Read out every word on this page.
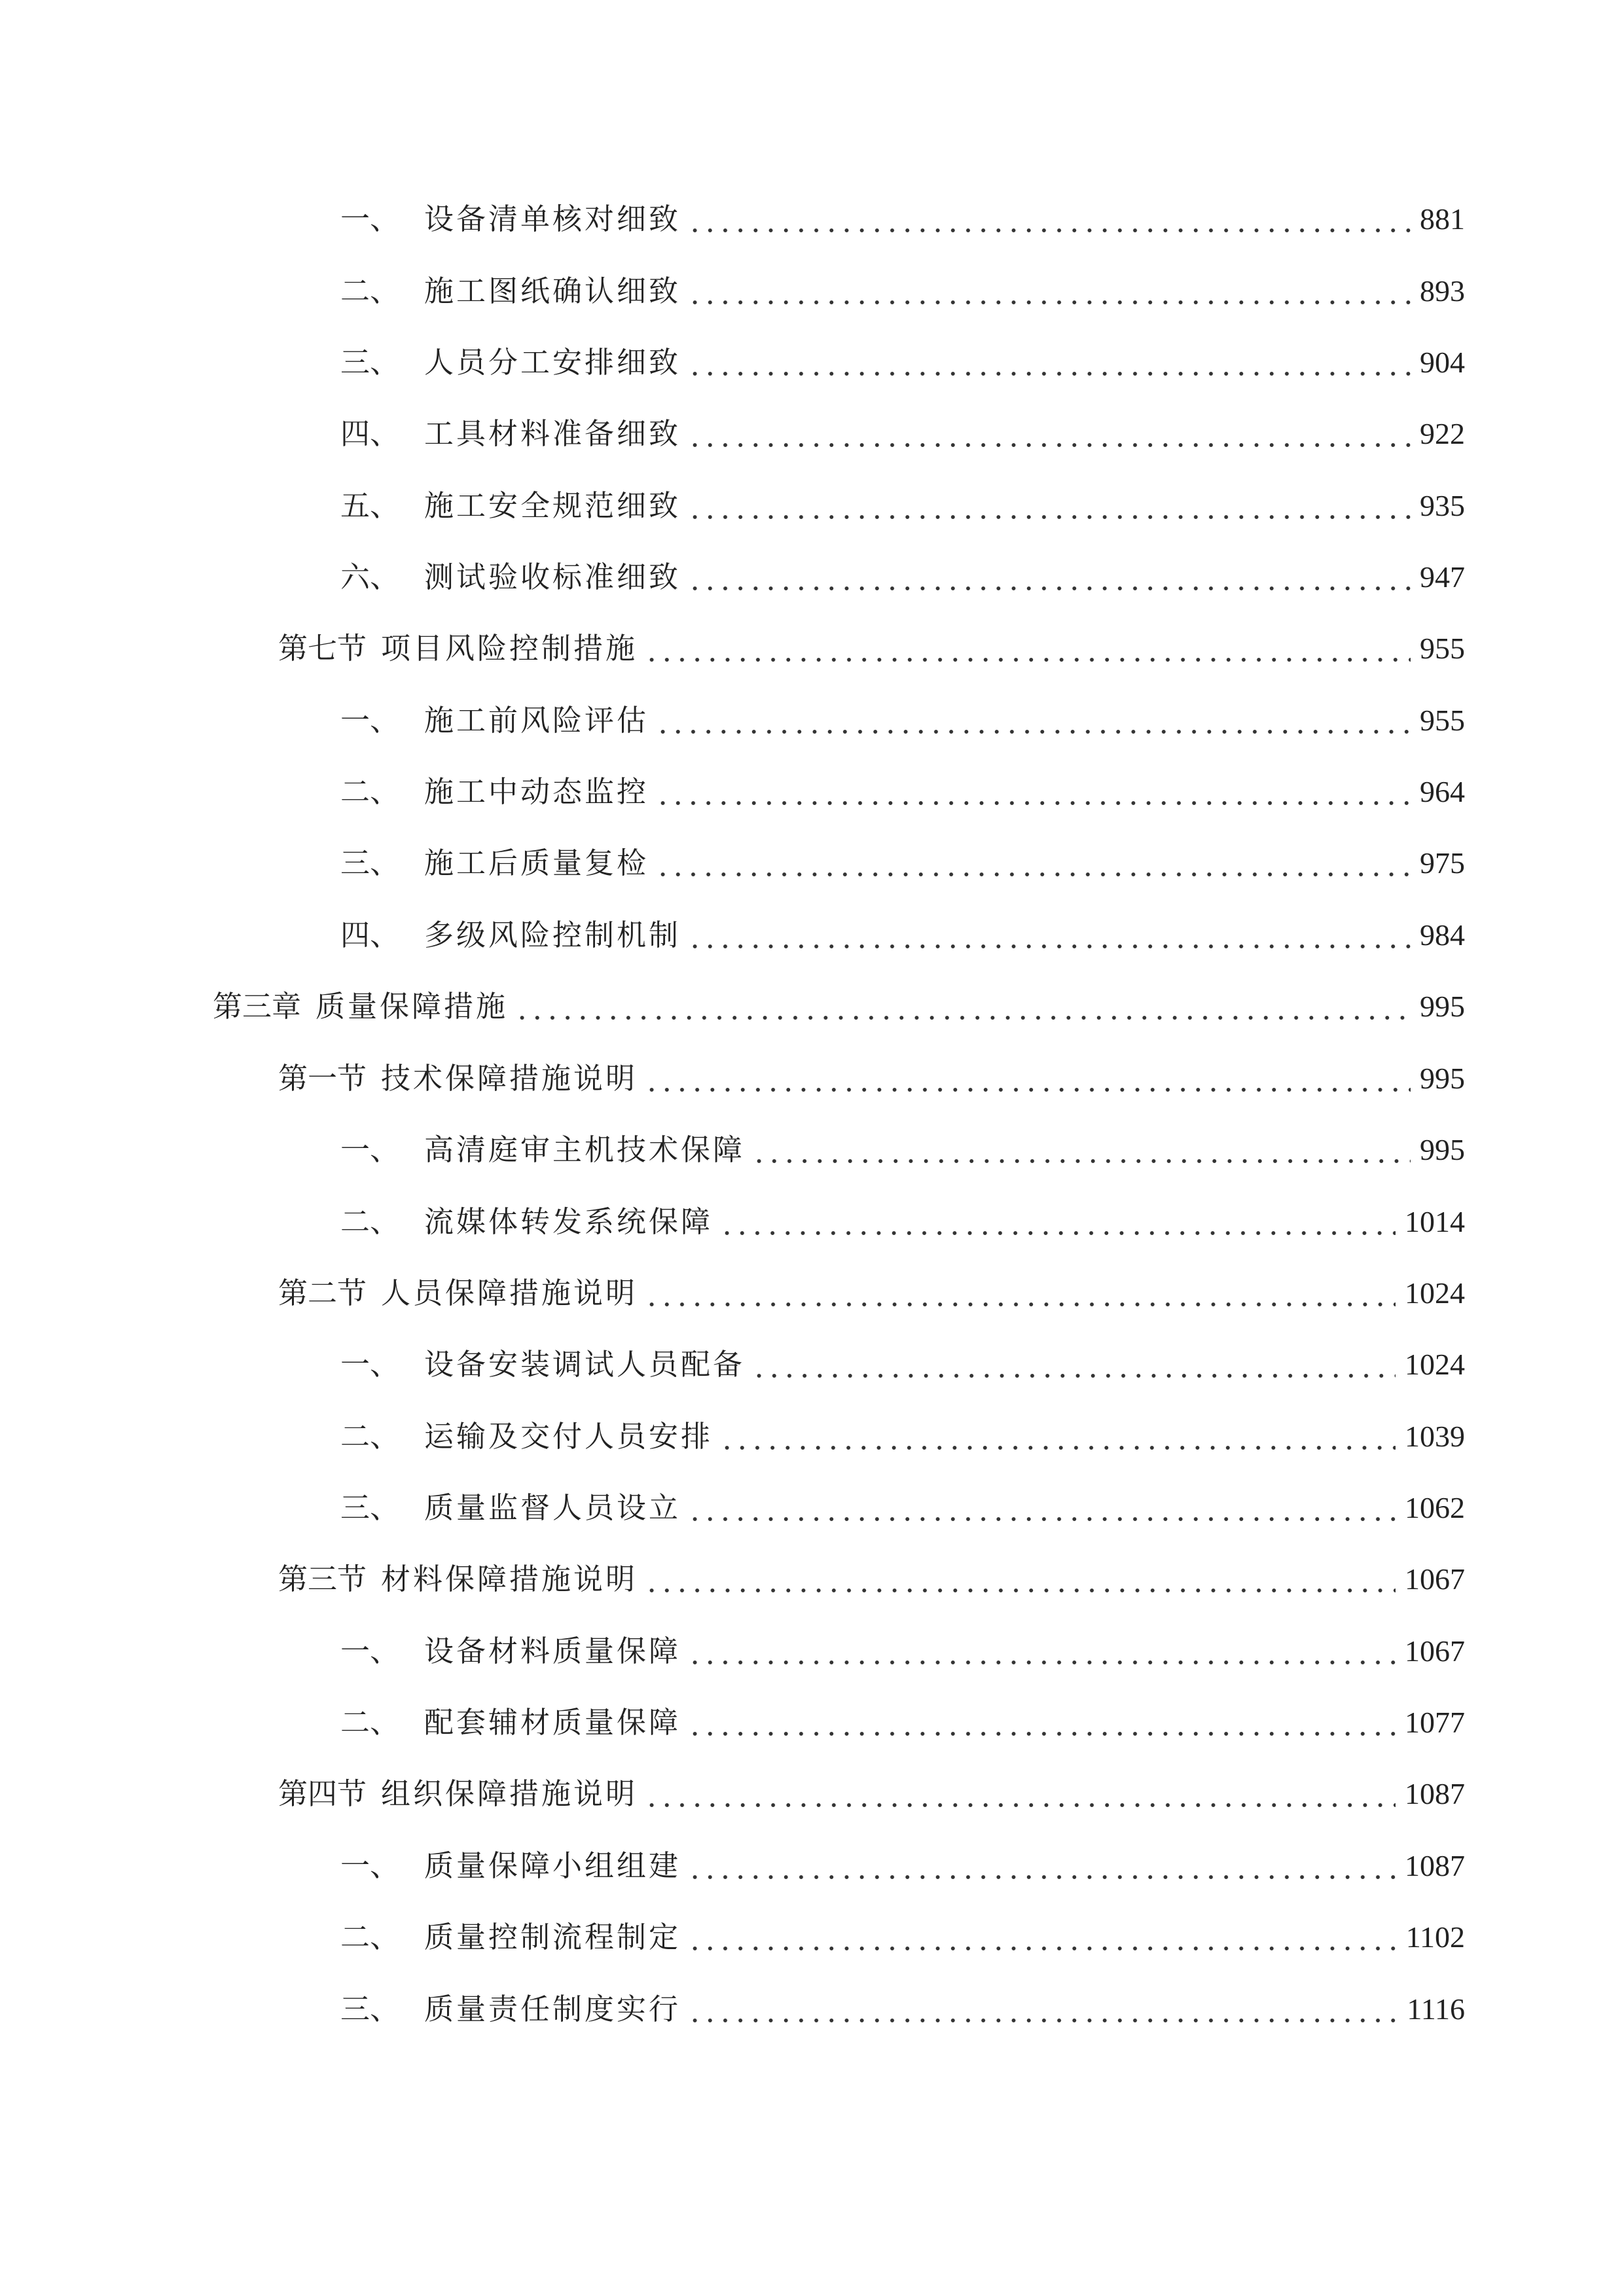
一、 设备清单核对细致	881
二、 施工图纸确认细致	893
三、 人员分工安排细致	904
四、 工具材料准备细致	922
五、 施工安全规范细致	935
六、 测试验收标准细致	947
第七节 项目风险控制措施	955
一、 施工前风险评估	955
二、 施工中动态监控	964
三、 施工后质量复检	975
四、 多级风险控制机制	984
第三章 质量保障措施	995
第一节 技术保障措施说明	995
一、 高清庭审主机技术保障	995
二、 流媒体转发系统保障	1014
第二节 人员保障措施说明	1024
一、 设备安装调试人员配备	1024
二、 运输及交付人员安排	1039
三、 质量监督人员设立	1062
第三节 材料保障措施说明	1067
一、 设备材料质量保障	1067
二、 配套辅材质量保障	1077
第四节 组织保障措施说明	1087
一、 质量保障小组组建	1087
二、 质量控制流程制定	1102
三、 质量责任制度实行	1116
